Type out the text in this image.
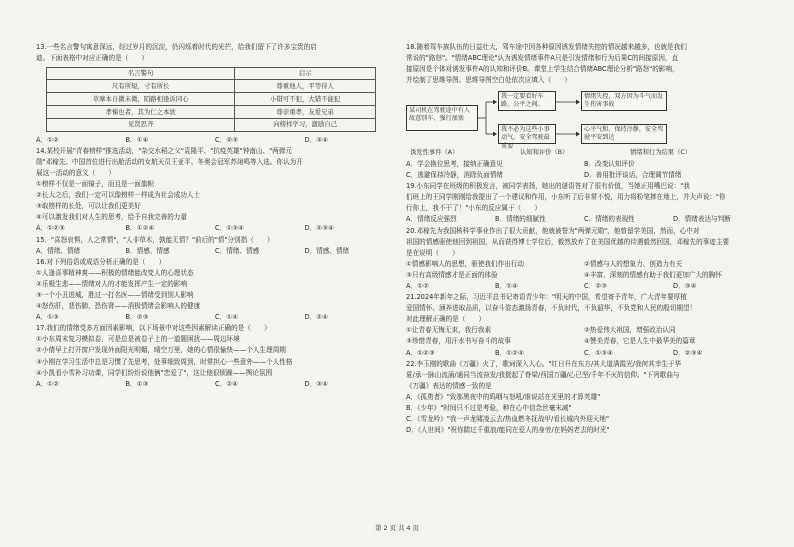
13.一些名言警句寓意深远，经过岁月的沉淀，仍闪烁着时代的光芒，给我们留下了许多宝贵的启
迪。下面表格中对应正确的是（　　）
名言警句	启示
尺有所短，寸有所长	尊重他人，平等待人
草摩本自微末微，陌路相逢诉同心	小错可不犯，大错不能犯
孝悌也者，其为仁之本欤	尊亲重孝，友爱兄弟
见贤思齐	向榜样学习，激励自己
A．①②	B．①④	C．②③	D．③④
14.某校开展"青春榜样"推选活动，"杂交水稻之父"袁隆平、"抗疫英雄"钟南山、"两弹元
勋"邓稼先、中国首位进行出舱活动的女航天员王亚平、冬奥会冠军苏翊鸣等入选。你认为开
展这一活动的意义（　　）
①榜样不仅是一面镜子，而且是一面旗帜
②长大之后，我们一定可以像榜样一样成为社会成功人士
③取榜样的长处，可以让我们更美好
④可以激发我们对人生的思考，给予自我完善的力量
A．①②③	B．①②④	C．①③④	D．②③④
15．"喜怒哀惧，人之常情"，"人非草木，孰能无情？"前后的"情"分别指（　　）
A．情绪、情绪	B．情感、情感	C．情绪、情感	D．情感、情绪
16.对下列俗语或成语分析正确的是（　　）
①人逢喜事精神爽——积极的情绪能改变人的心理状态
②乐极生悲——情绪对人的才能发挥产生一定的影响
③一个小丑进城，胜过一打名医——情绪受到别人影响
④怒伤肝，悲伤肺，恐伤肾——消极情绪会影响人的健康
A．①③	B．②③	C．①④	D．②④
17.我们的情绪受多方面因素影响，以下场景中对这些因素解读正确的是（　　）
①小东周末复习模拟卷，可是总是被卷子上的一道题困扰——周边环境
②小倩早上打开窗户发现外面阳光明媚，晴空万里，她的心情很愉快——个人生理周期
③小刚在学习生活中总是习惯了先思考，处事细致周到，时常担心一些意外——个人性格
④小凯看小雪补习功课，同学们纷纷说他俩"恋爱了"，这让他很烦躁——舆论氛围
A．①②	B．①③	C．②④	D．③④
18.随着驾车族队伍的日益壮大，驾车途中因各种原因诱发情绪失控的情况越来越多，也就是我们
常说的"路怒"。"情绪ABC理论"认为诱发情绪事件A只是引发情绪和行为后果C的间接原因，直
接原因是个体对诱发事件A的认知和评价B。课堂上学生结合情绪ABC理论分析"路怒"的影响，
并绘制了思维导图。思维导图空白处依次应填入（　　）
某司机在驾驶途中有人故意别车、强行加塞
我一定要看好车路，公平之间。
我不必为这些小事动气，安全驾驶最重要
情绪失控，双方因为斗气而发生伤害事故
心平气和，保持冷静，安全驾驶平安到达
诱发性事件（A）	认知和评价（B）	情绪和行为结果（C）
A．学会换位思考，接纳正确意见	B．改变认知评价
C．逃避保持冷静，消除负面情绪	D．善用批评谈话，合理调节情绪
19.小东同学在班级的积极发言，被同学表扬，她出的谜语答对了很有价值，当她正用嘴巴说："我
们班上的王同学刚刚给我提出了一个建议和作用，小东听了后非常不悦，用力将粉笔摔在地上，并大声说："你
行你上，我不干了！"小东的反应属于（　　）
A．情绪反应强烈	B．情绪的细腻性	C．情绪的表现性	D．情绪表达与判断
20.邓稼先为我国核科学事业作出了很大贡献，他就被誉为"两弹元勋"，他曾留学美国，然而，心中对
祖国的情感驱使他回到祖国，从而获得博士学位后，毅然放弃了在美国优越的待遇毅然回国，邓稼先的事迹主要
是在说明（　　）
①情感影响人的思想，驱使我们作出行动	②情感与人的想象力、创造力有关
③只有高级情感才是正面的体验	④丰富、深刻的情感有助于我们更加广大的胸怀
A．①②	B．①④	C．②③	D．③④
21.2024年新年之际，习近平总书记寄语青少年："明天的中国，希望寄予青年，广大青年要厚植
爱国情怀、涵养进取品质，以奋斗姿态激扬青春，不负时代，不负韶华，不负党和人民的殷切期望！
对此理解正确的是（　　）
①让青春无悔无束，我行我素	②热爱伟大祖国，增强政治认同
③珍惜青春，用汗水书写奋斗的故事	④赞美青春，它是人生中最华美的篇章
A．①②③	B．①②④	C．①③④	D．②③④
22.李玉刚的歌曲《万疆》火了，歌词深入人心。"红日升在东方/其大道满霞光/我何其幸生于华
夏/承一脉山流涌/通同当流奋发/我挺起了脊梁/西国万疆/心已坚/千年不灭的信仰。"下列歌曲与
《万疆》表达的情感一致的是
A．《孤勇者》"致那黑夜中的呜咽与怒吼/谁说站在光里的才算英雄"
B．《少年》"时间只不过是考验，种在心中信念丝毫未减"
C．《雪龙吟》"我一声龙啸凌云去/热血燃冬抚战甲/看长城内外迎天地"
D．《人世间》"祝你踏过千重浪/能同在爱人的身旁/在妈妈老去的时光"
第 2 页 共 4 页
